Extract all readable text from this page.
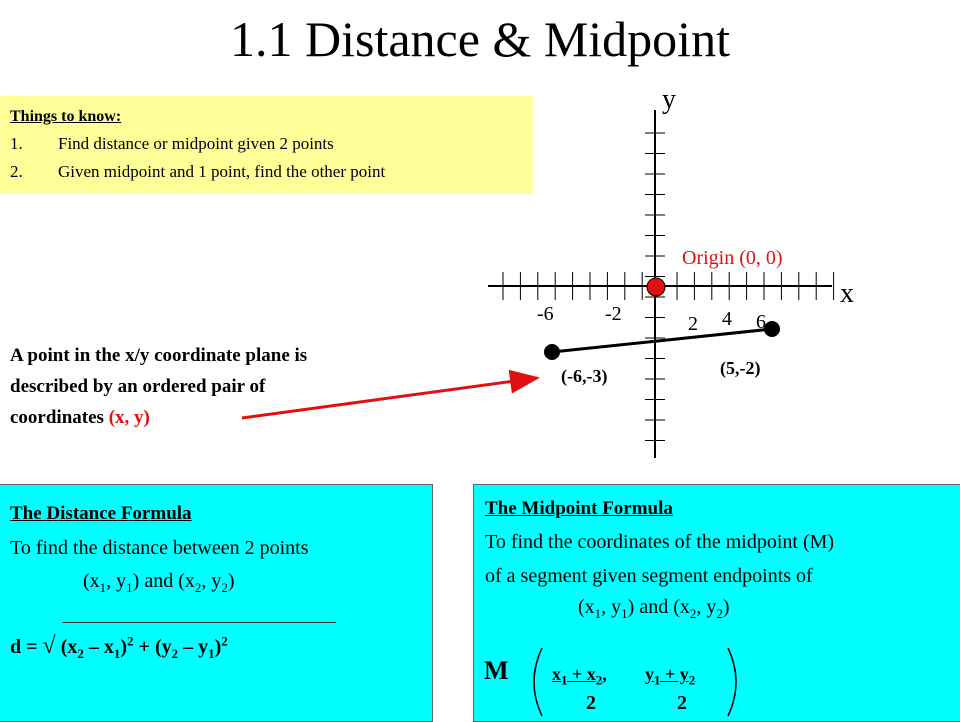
1.1 Distance & Midpoint
Things to know:
1. Find distance or midpoint given 2 points
2. Given midpoint and 1 point, find the other point
y
x
Origin (0, 0)
-6	-2	2 4 6
(-6,-3)	(5,-2)
A point in the x/y coordinate plane is
described by an ordered pair of
coordinates (x, y)
The Distance Formula
To find the distance between 2 points
($x_1$, $y_1$) and ($x_2$, $y_2$)
d = √ $(x_2 - x_1)^2 + (y_2 - y_1)^2$
The Midpoint Formula
To find the coordinates of the midpoint (M)
of a segment given segment endpoints of
($x_1$, $y_1$) and ($x_2$, $y_2$)
M $x_1 + x_2$, $y_1 + y_2$
2	2
